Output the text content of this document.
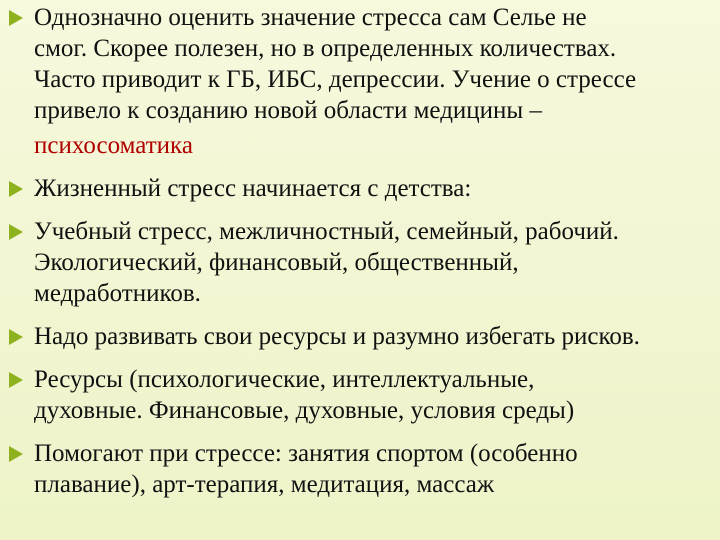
Однозначно оценить значение стресса сам Селье не
смог. Скорее полезен, но в определенных количествах.
Часто приводит к ГБ, ИБС, депрессии. Учение о стрессе
привело к созданию новой области медицины –
психосоматика
Жизненный стресс начинается с детства:
Учебный стресс, межличностный, семейный, рабочий.
Экологический, финансовый, общественный,
медработников.
Надо развивать свои ресурсы и разумно избегать рисков.
Ресурсы (психологические, интеллектуальные,
духовные. Финансовые, духовные, условия среды)
Помогают при стрессе: занятия спортом (особенно
плавание), арт-терапия, медитация, массаж
